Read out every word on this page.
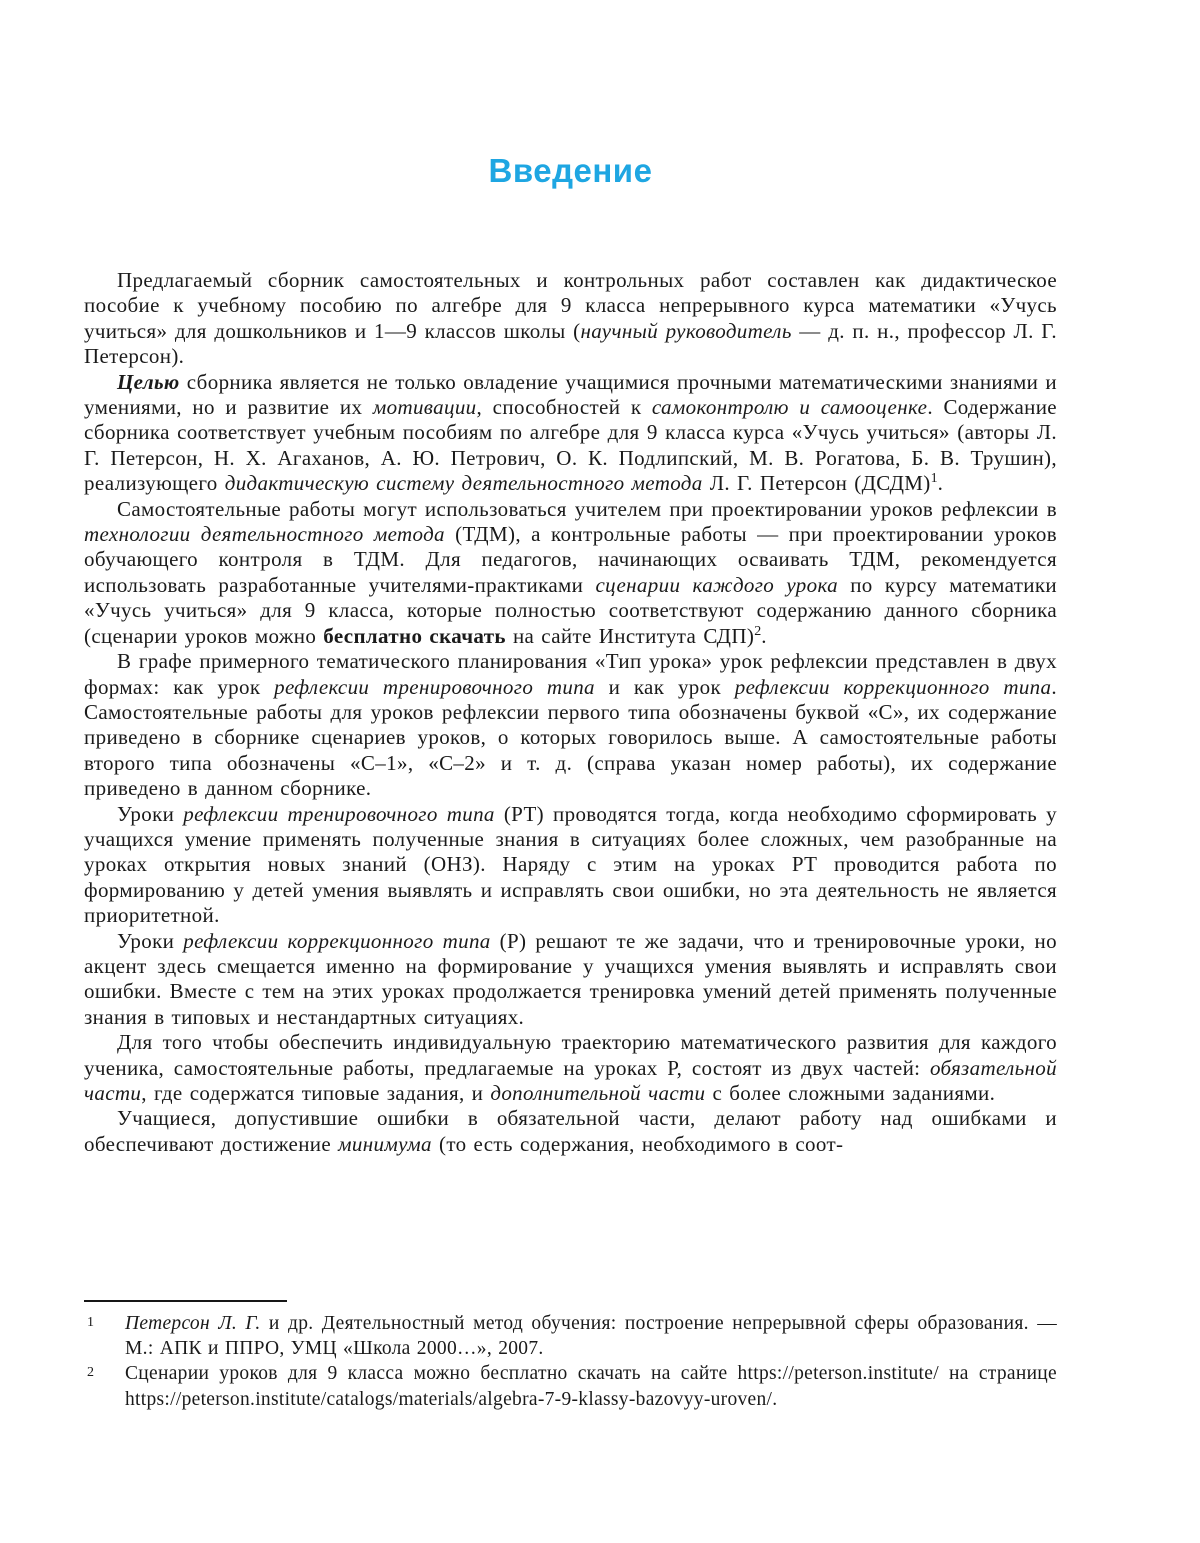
Введение

Предлагаемый сборник самостоятельных и контрольных работ составлен как дидактическое пособие к учебному пособию по алгебре для 9 класса непрерывного курса математики «Учусь учиться» для дошкольников и 1—9 классов школы (научный руководитель — д. п. н., профессор Л. Г. Петерсон).

Целью сборника является не только овладение учащимися прочными математическими знаниями и умениями, но и развитие их мотивации, способностей к самоконтролю и самооценке. Содержание сборника соответствует учебным пособиям по алгебре для 9 класса курса «Учусь учиться» (авторы Л. Г. Петерсон, Н. Х. Агаханов, А. Ю. Петрович, О. К. Подлипский, М. В. Рогатова, Б. В. Трушин), реализующего дидактическую систему деятельностного метода Л. Г. Петерсон (ДСДМ)$^1$.

Самостоятельные работы могут использоваться учителем при проектировании уроков рефлексии в технологии деятельностного метода (ТДМ), а контрольные работы — при проектировании уроков обучающего контроля в ТДМ. Для педагогов, начинающих осваивать ТДМ, рекомендуется использовать разработанные учителями-практиками сценарии каждого урока по курсу математики «Учусь учиться» для 9 класса, которые полностью соответствуют содержанию данного сборника (сценарии уроков можно бесплатно скачать на сайте Института СДП)$^2$.

В графе примерного тематического планирования «Тип урока» урок рефлексии представлен в двух формах: как урок рефлексии тренировочного типа и как урок рефлексии коррекционного типа. Самостоятельные работы для уроков рефлексии первого типа обозначены буквой «С», их содержание приведено в сборнике сценариев уроков, о которых говорилось выше. А самостоятельные работы второго типа обозначены «С–1», «С–2» и т. д. (справа указан номер работы), их содержание приведено в данном сборнике.

Уроки рефлексии тренировочного типа (РТ) проводятся тогда, когда необходимо сформировать у учащихся умение применять полученные знания в ситуациях более сложных, чем разобранные на уроках открытия новых знаний (ОНЗ). Наряду с этим на уроках РТ проводится работа по формированию у детей умения выявлять и исправлять свои ошибки, но эта деятельность не является приоритетной.

Уроки рефлексии коррекционного типа (Р) решают те же задачи, что и тренировочные уроки, но акцент здесь смещается именно на формирование у учащихся умения выявлять и исправлять свои ошибки. Вместе с тем на этих уроках продолжается тренировка умений детей применять полученные знания в типовых и нестандартных ситуациях.

Для того чтобы обеспечить индивидуальную траекторию математического развития для каждого ученика, самостоятельные работы, предлагаемые на уроках Р, состоят из двух частей: обязательной части, где содержатся типовые задания, и дополнительной части с более сложными заданиями.

Учащиеся, допустившие ошибки в обязательной части, делают работу над ошибками и обеспечивают достижение минимума (то есть содержания, необходимого в соот-

1 Петерсон Л. Г. и др. Деятельностный метод обучения: построение непрерывной сферы образования. — М.: АПК и ППРО, УМЦ «Школа 2000…», 2007.
2 Сценарии уроков для 9 класса можно бесплатно скачать на сайте https://peterson.institute/ на странице https://peterson.institute/catalogs/materials/algebra-7-9-klassy-bazovyy-uroven/.
